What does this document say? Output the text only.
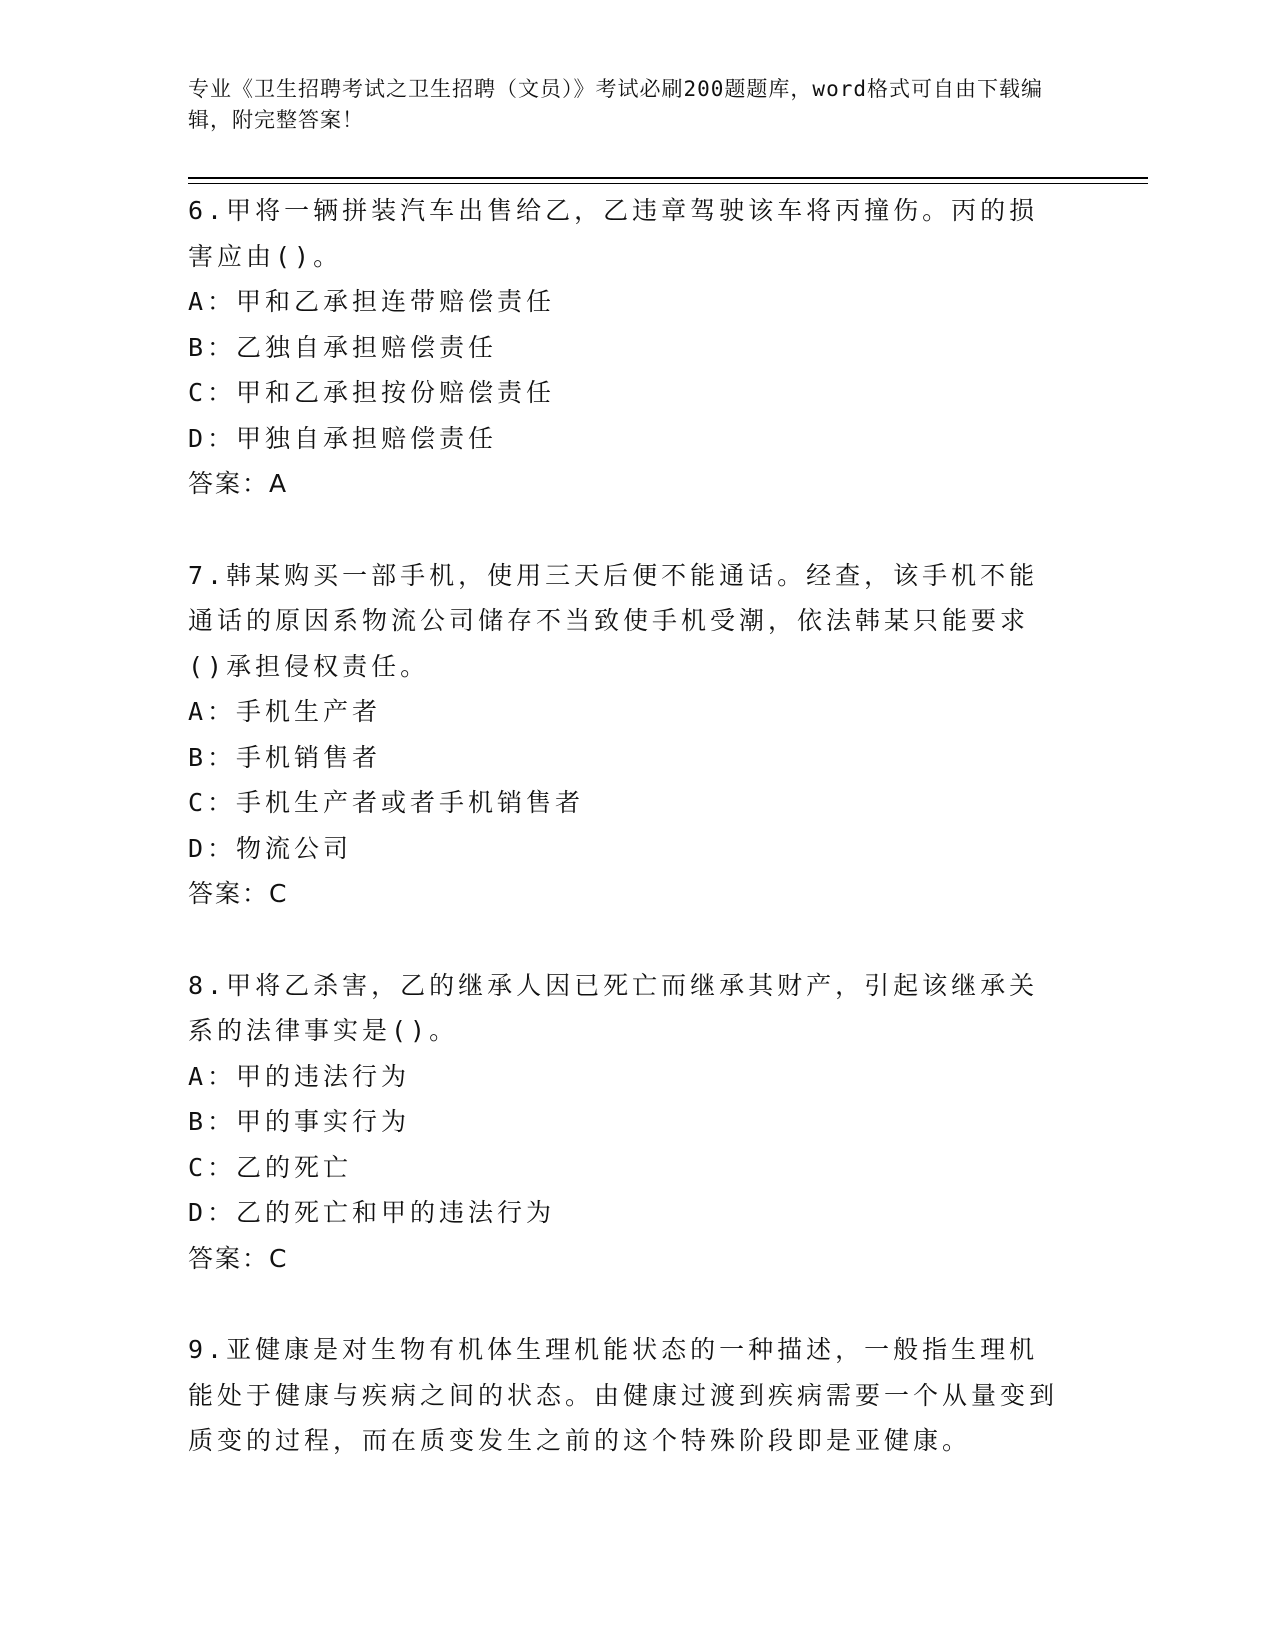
专业《卫生招聘考试之卫生招聘（文员）》考试必刷200题题库，word格式可自由下载编辑，附完整答案！

6.甲将一辆拼装汽车出售给乙，乙违章驾驶该车将丙撞伤。丙的损害应由()。

A：甲和乙承担连带赔偿责任

B：乙独自承担赔偿责任

C：甲和乙承担按份赔偿责任

D：甲独自承担赔偿责任

答案：A

7.韩某购买一部手机，使用三天后便不能通话。经查，该手机不能通话的原因系物流公司储存不当致使手机受潮，依法韩某只能要求()承担侵权责任。

A：手机生产者

B：手机销售者

C：手机生产者或者手机销售者

D：物流公司

答案：C

8.甲将乙杀害，乙的继承人因已死亡而继承其财产，引起该继承关系的法律事实是()。

A：甲的违法行为

B：甲的事实行为

C：乙的死亡

D：乙的死亡和甲的违法行为

答案：C

9.亚健康是对生物有机体生理机能状态的一种描述，一般指生理机能处于健康与疾病之间的状态。由健康过渡到疾病需要一个从量变到质变的过程，而在质变发生之前的这个特殊阶段即是亚健康。
